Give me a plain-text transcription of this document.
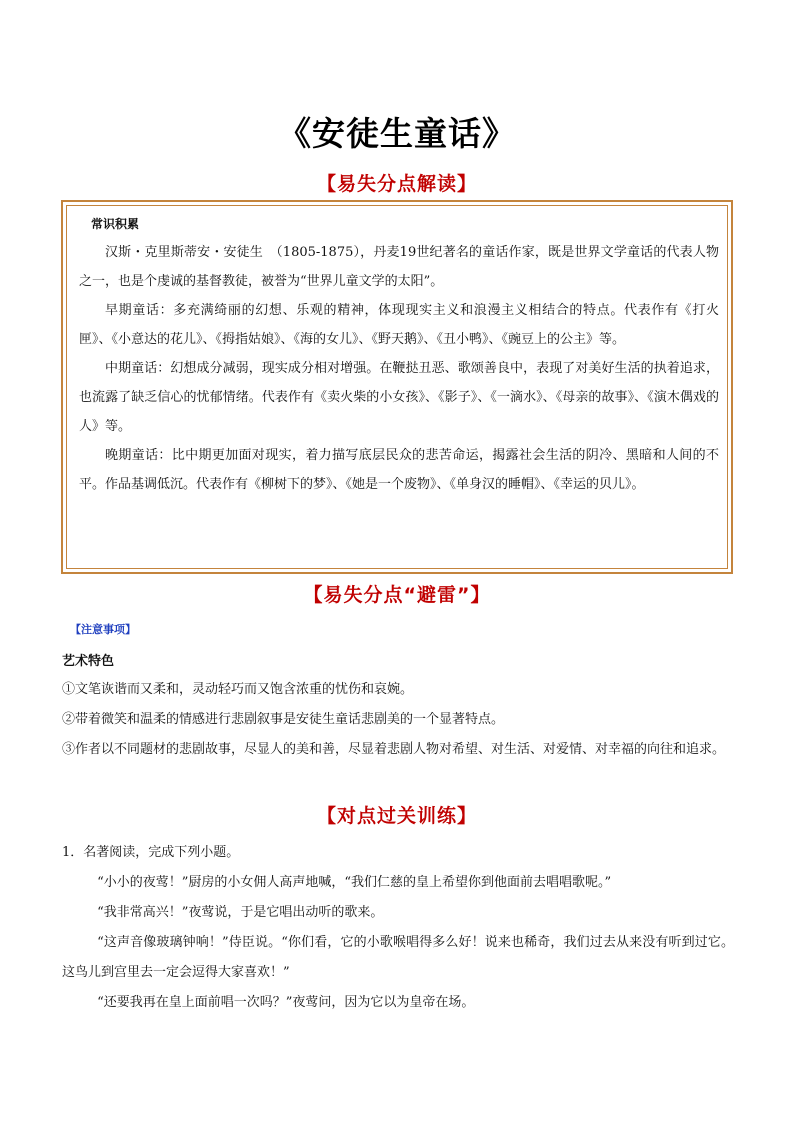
《安徒生童话》
【易失分点解读】
常识积累

汉斯・克里斯蒂安・安徒生　（1805-1875），丹麦19世纪著名的童话作家，既是世界文学童话的代表人物之一，也是个虔诚的基督教徒，被誉为“世界儿童文学的太阳”。

早期童话：多充满绮丽的幻想、乐观的精神，体现现实主义和浪漫主义相结合的特点。代表作有《打火匣》、《小意达的花儿》、《拇指姑娘》、《海的女儿》、《野天鹅》、《丑小鸭》、《豌豆上的公主》等。

中期童话：幻想成分减弱，现实成分相对增强。在鞭挞丑恶、歌颂善良中，表现了对美好生活的执着追求，也流露了缺乏信心的忧郁情绪。代表作有《卖火柴的小女孩》、《影子》、《一滴水》、《母亲的故事》、《演木偶戏的人》等。

晚期童话：比中期更加面对现实，着力描写底层民众的悲苦命运，揭露社会生活的阴冷、黑暗和人间的不平。作品基调低沉。代表作有《柳树下的梦》、《她是一个废物》、《单身汉的睡帽》、《幸运的贝儿》。

【易失分点“避雷”】
【注意事项】
艺术特色

①文笔诙谐而又柔和，灵动轻巧而又饱含浓重的忧伤和哀婉。

②带着微笑和温柔的情感进行悲剧叙事是安徒生童话悲剧美的一个显著特点。

③作者以不同题材的悲剧故事，尽显人的美和善，尽显着悲剧人物对希望、对生活、对爱情、对幸福的向往和追求。

【对点过关训练】

1．名著阅读，完成下列小题。

“小小的夜莺！”厨房的小女佣人高声地喊，“我们仁慈的皇上希望你到他面前去唱唱歌呢。”

“我非常高兴！”夜莺说，于是它唱出动听的歌来。

“这声音像玻璃钟响！”侍臣说。“你们看，它的小歌喉唱得多么好！说来也稀奇，我们过去从来没有听到过它。这鸟儿到宫里去一定会逗得大家喜欢！”

“还要我再在皇上面前唱一次吗？”夜莺问，因为它以为皇帝在场。
